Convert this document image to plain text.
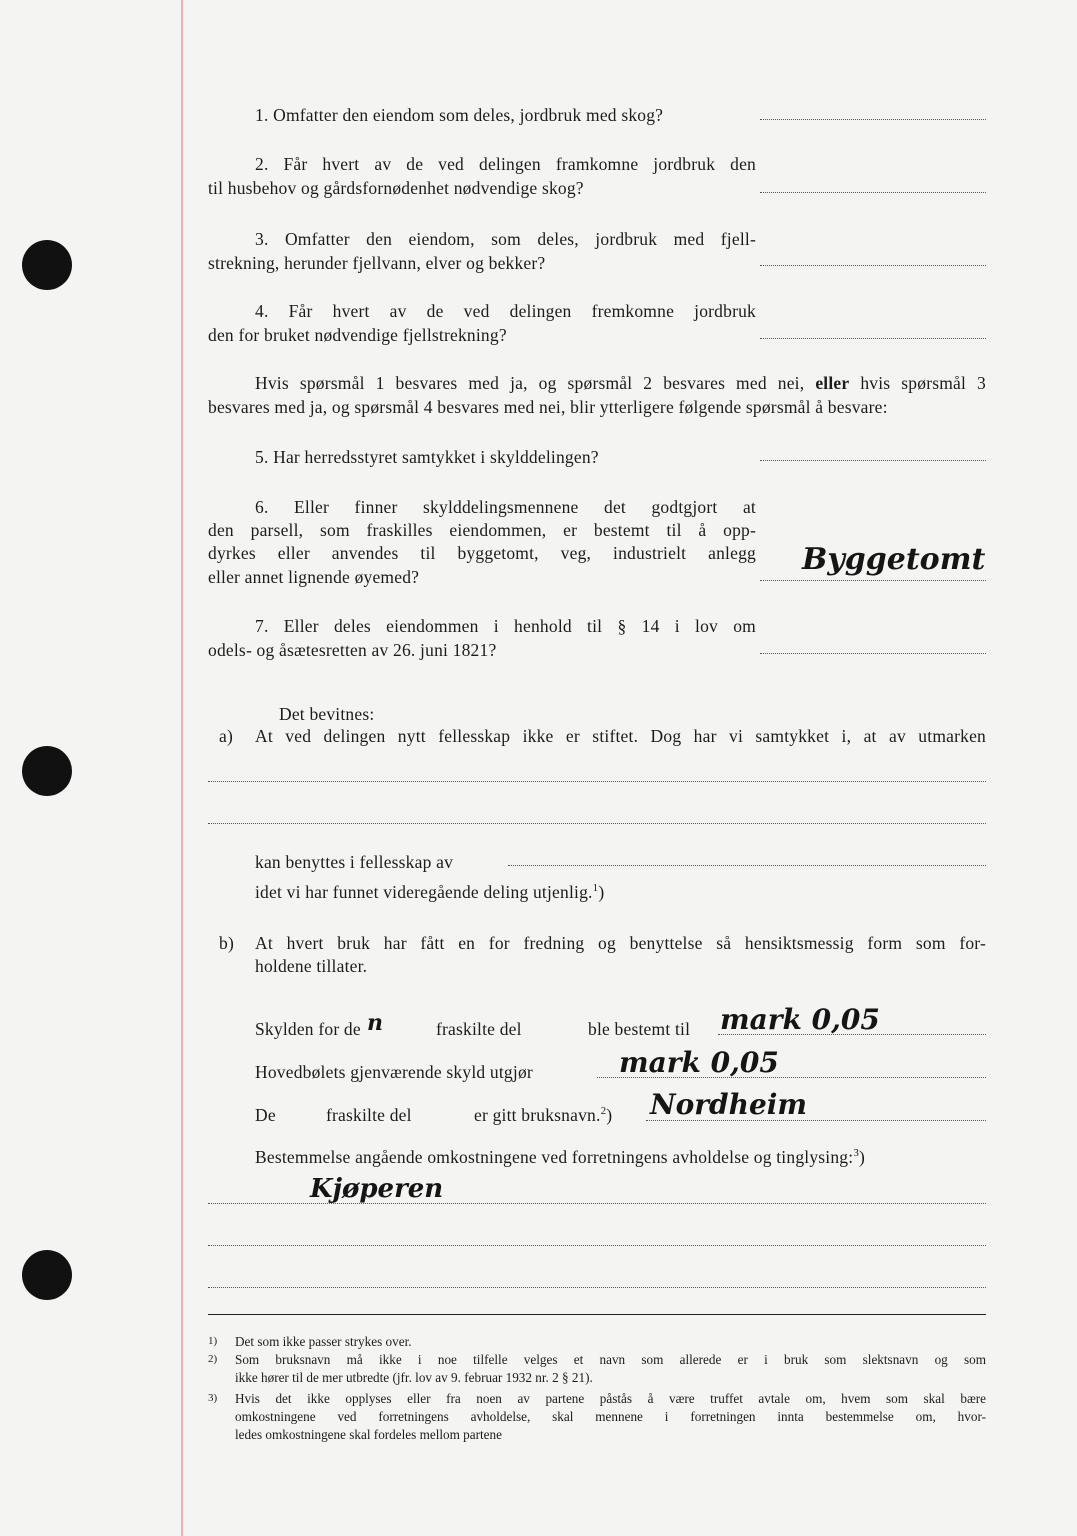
1. Omfatter den eiendom som deles, jordbruk med skog?
2. Får hvert av de ved delingen framkomne jordbruk den
til husbehov og gårdsfornødenhet nødvendige skog?
3. Omfatter den eiendom, som deles, jordbruk med fjell-
strekning, herunder fjellvann, elver og bekker?
4. Får hvert av de ved delingen fremkomne jordbruk
den for bruket nødvendige fjellstrekning?
Hvis spørsmål 1 besvares med ja, og spørsmål 2 besvares med nei, eller hvis spørsmål 3
besvares med ja, og spørsmål 4 besvares med nei, blir ytterligere følgende spørsmål å besvare:
5. Har herredsstyret samtykket i skylddelingen?
6. Eller finner skylddelingsmennene det godtgjort at
den parsell, som fraskilles eiendommen, er bestemt til å opp-
dyrkes eller anvendes til byggetomt, veg, industrielt anlegg
eller annet lignende øyemed?	Byggetomt
7. Eller deles eiendommen i henhold til § 14 i lov om
odels- og åsætesretten av 26. juni 1821?
Det bevitnes:
a) At ved delingen nytt fellesskap ikke er stiftet. Dog har vi samtykket i, at av utmarken
kan benyttes i fellesskap av
idet vi har funnet videregående deling utjenlig.$^1$)
b) At hvert bruk har fått en for fredning og benyttelse så hensiktsmessig form som for-
holdene tillater.
Skylden for de n	fraskilte del	ble bestemt til mark 0,05
Hovedbølets gjenværende skyld utgjør	mark 0,05
De	fraskilte del	er gitt bruksnavn.$^2$) Nordheim
Bestemmelse angående omkostningene ved forretningens avholdelse og tinglysing:$^3$)
Kjøperen
1) Det som ikke passer strykes over.
2) Som bruksnavn må ikke i noe tilfelle velges et navn som allerede er i bruk som slektsnavn og som
ikke hører til de mer utbredte (jfr. lov av 9. februar 1932 nr. 2 § 21).
3) Hvis det ikke opplyses eller fra noen av partene påstås å være truffet avtale om, hvem som skal bære
omkostningene ved forretningens avholdelse, skal mennene i forretningen innta bestemmelse om, hvor-
ledes omkostningene skal fordeles mellom partene
